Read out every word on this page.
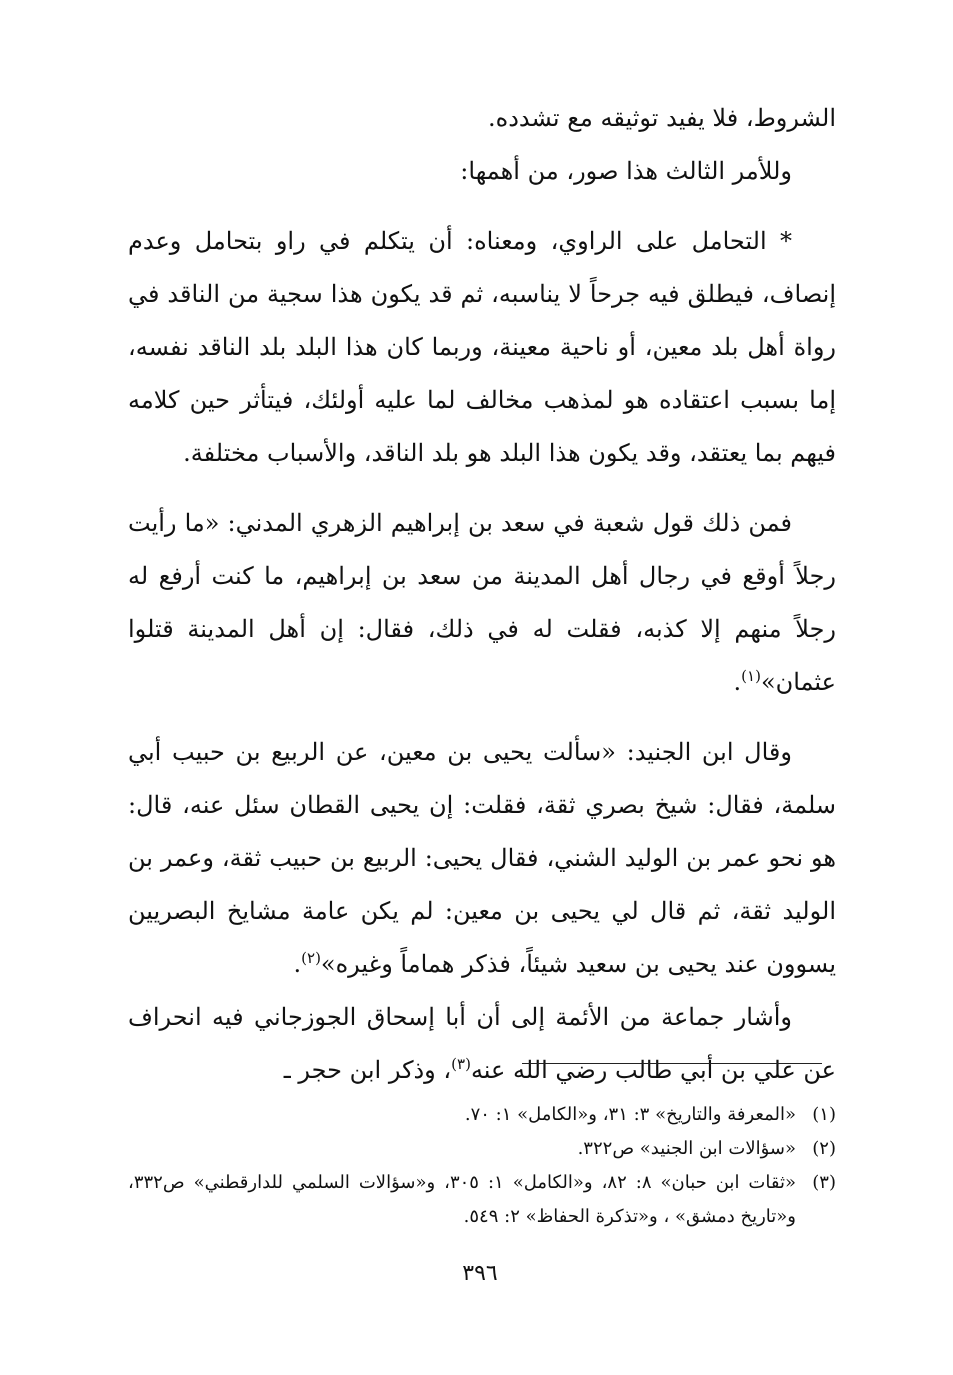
الشروط، فلا يفيد توثيقه مع تشدده.

وللأمر الثالث هذا صور، من أهمها:

* التحامل على الراوي، ومعناه: أن يتكلم في راو بتحامل وعدم إنصاف، فيطلق فيه جرحاً لا يناسبه، ثم قد يكون هذا سجية من الناقد في رواة أهل بلد معين، أو ناحية معينة، وربما كان هذا البلد بلد الناقد نفسه، إما بسبب اعتقاده هو لمذهب مخالف لما عليه أولئك، فيتأثر حين كلامه فيهم بما يعتقد، وقد يكون هذا البلد هو بلد الناقد، والأسباب مختلفة.

فمن ذلك قول شعبة في سعد بن إبراهيم الزهري المدني: «ما رأيت رجلاً أوقع في رجال أهل المدينة من سعد بن إبراهيم، ما كنت أرفع له رجلاً منهم إلا كذبه، فقلت له في ذلك، فقال: إن أهل المدينة قتلوا عثمان»$^{(١)}$.

وقال ابن الجنيد: «سألت يحيى بن معين، عن الربيع بن حبيب أبي سلمة، فقال: شيخ بصري ثقة، فقلت: إن يحيى القطان سئل عنه، قال: هو نحو عمر بن الوليد الشني، فقال يحيى: الربيع بن حبيب ثقة، وعمر بن الوليد ثقة، ثم قال لي يحيى بن معين: لم يكن عامة مشايخ البصريين يسوون عند يحيى بن سعيد شيئاً، فذكر هماماً وغيره»$^{(٢)}$.

وأشار جماعة من الأئمة إلى أن أبا إسحاق الجوزجاني فيه انحراف عن علي بن أبي طالب رضي الله عنه$^{(٣)}$، وذكر ابن حجر ـ

(١)
«المعرفة والتاريخ» ٣: ٣١، و«الكامل» ١: ٧٠.
(٢)
«سؤالات ابن الجنيد» ص٣٢٢.
(٣)
«ثقات ابن حبان» ٨: ٨٢، و«الكامل» ١: ٣٠٥، و«سؤالات السلمي للدارقطني» ص٣٣٢، و«تاريخ دمشق» ، و«تذكرة الحفاظ» ٢: ٥٤٩.
٣٩٦
